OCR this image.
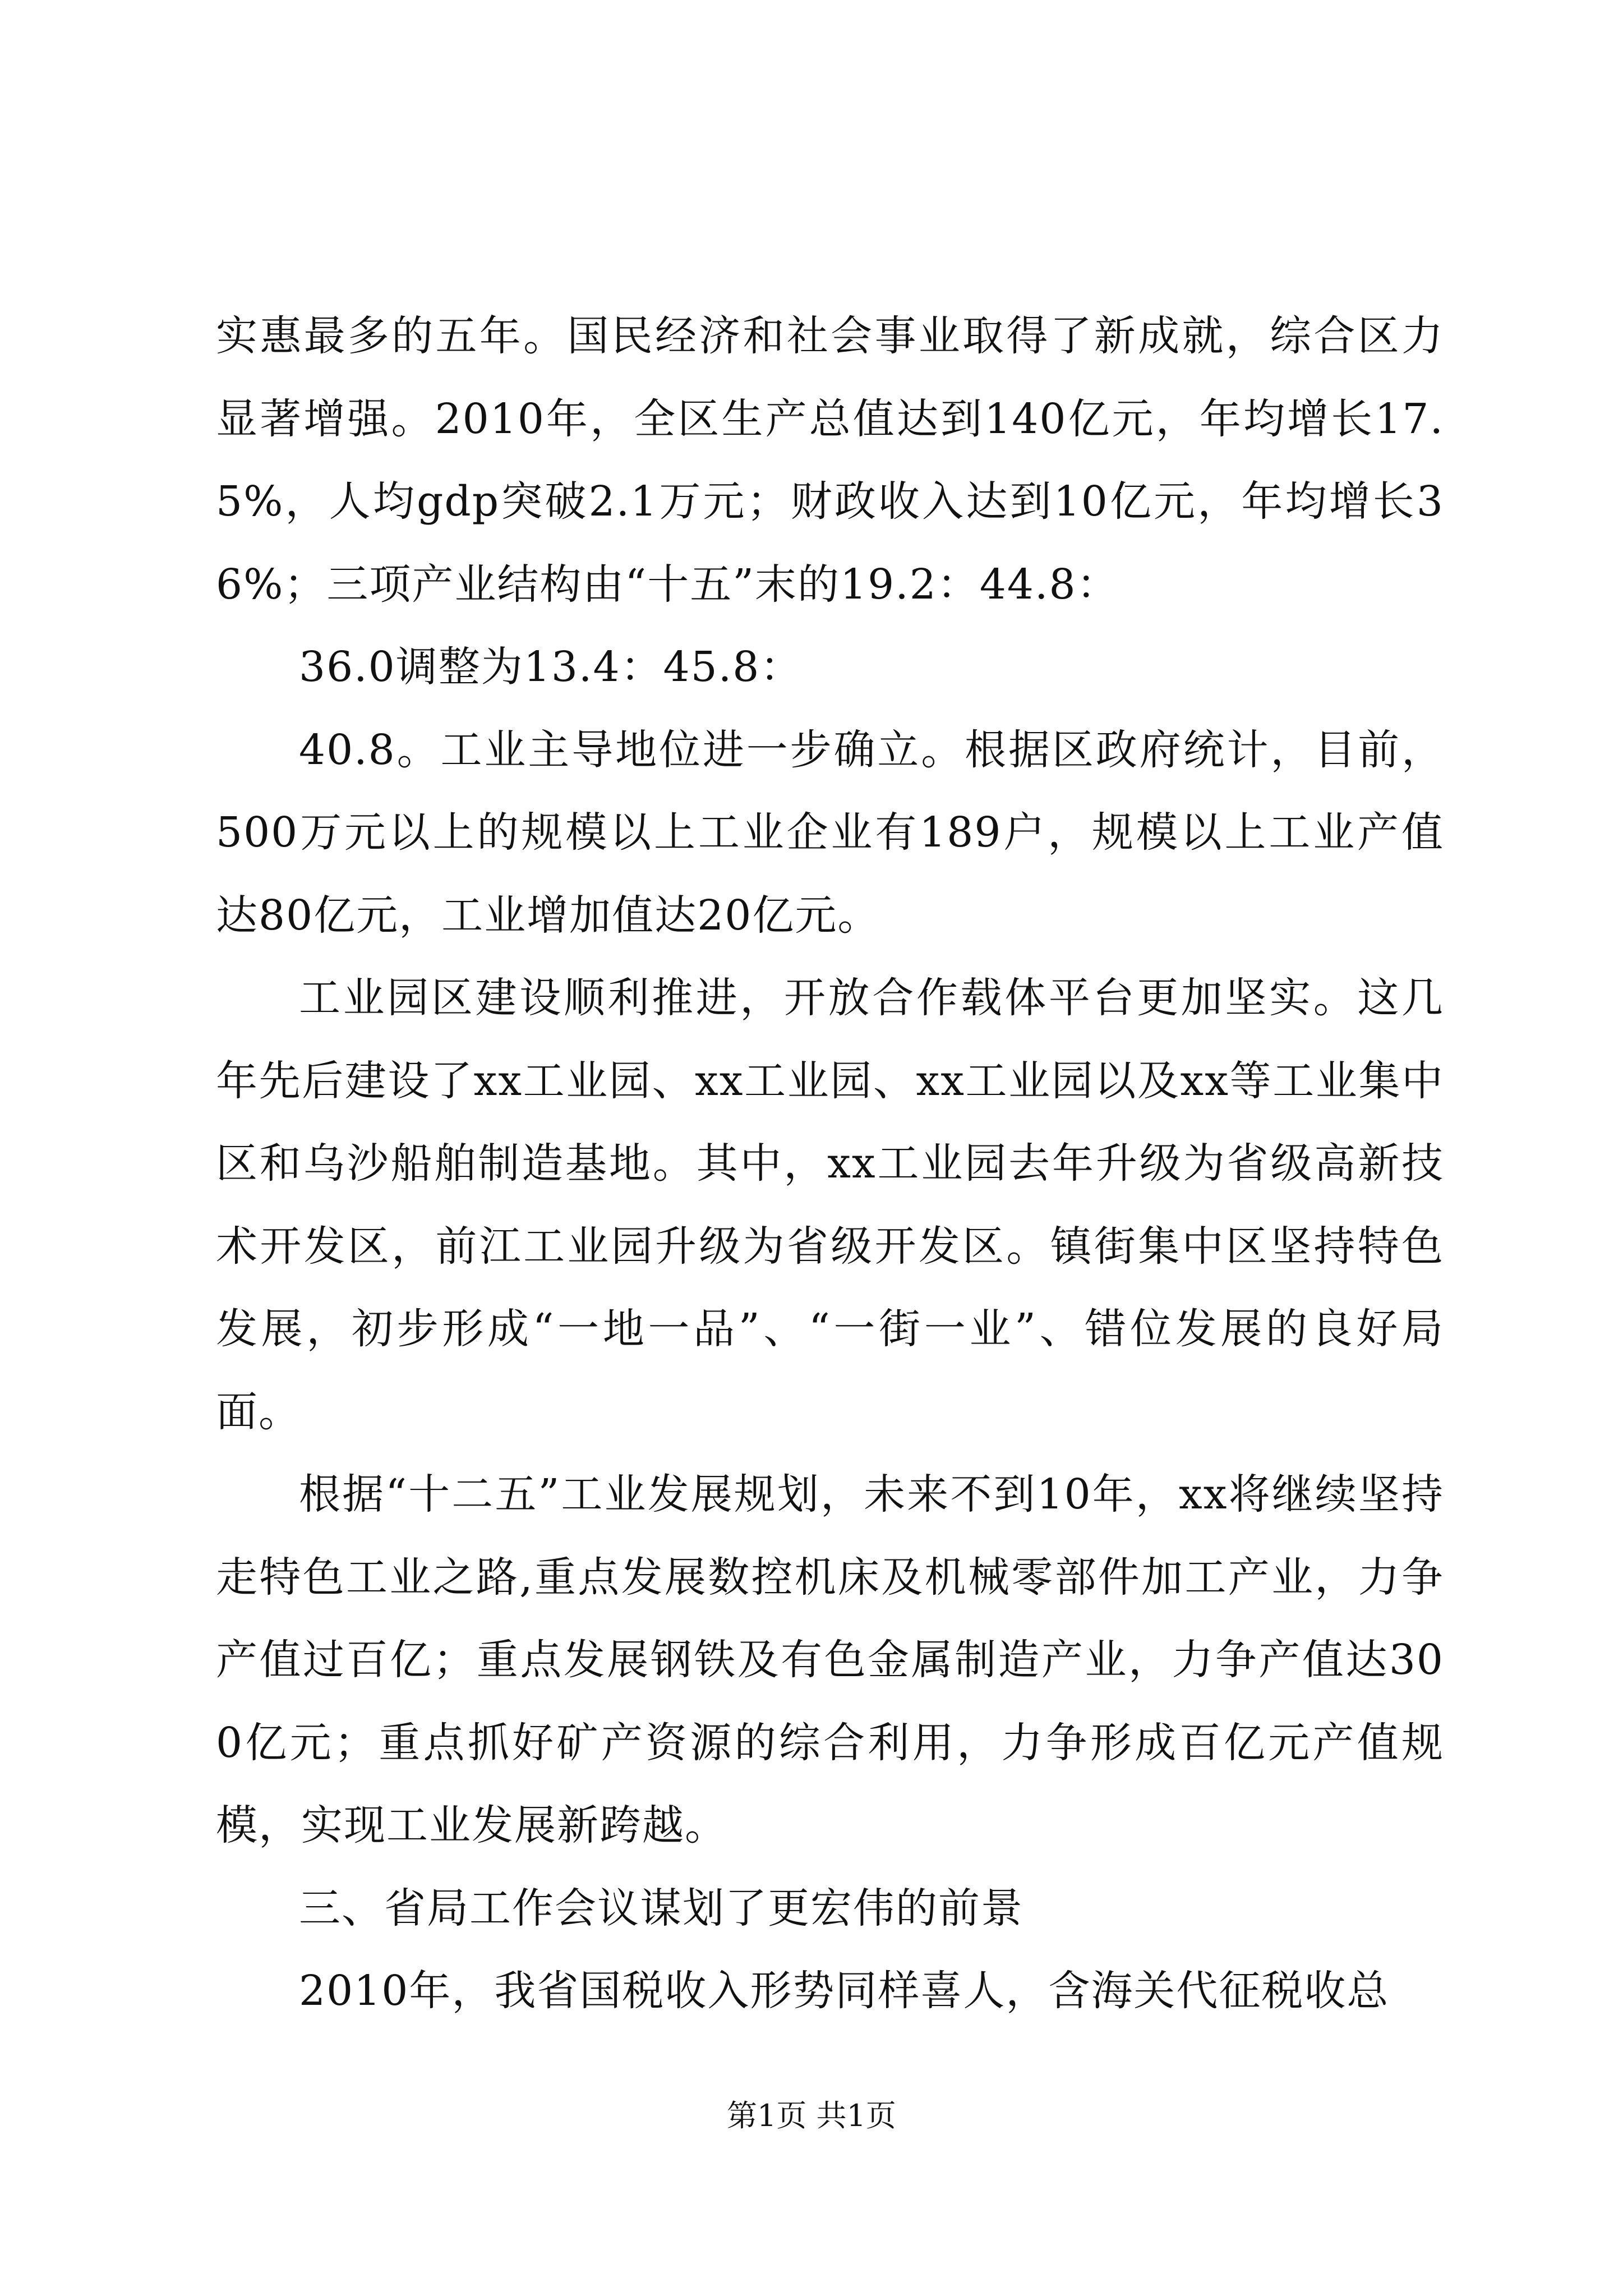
实惠最多的五年。国民经济和社会事业取得了新成就，综合区力显著增强。2010年，全区生产总值达到140亿元，年均增长17.5%，人均gdp突破2.1万元；财政收入达到10亿元，年均增长36%；三项产业结构由“十五”末的19.2：44.8：

36.0调整为13.4：45.8：

40.8。工业主导地位进一步确立。根据区政府统计，目前，500万元以上的规模以上工业企业有189户，规模以上工业产值达80亿元，工业增加值达20亿元。

工业园区建设顺利推进，开放合作载体平台更加坚实。这几年先后建设了xx工业园、xx工业园、xx工业园以及xx等工业集中区和乌沙船舶制造基地。其中，xx工业园去年升级为省级高新技术开发区，前江工业园升级为省级开发区。镇街集中区坚持特色发展，初步形成“一地一品”、“一街一业”、错位发展的良好局面。

根据“十二五”工业发展规划，未来不到10年，xx将继续坚持走特色工业之路,重点发展数控机床及机械零部件加工产业，力争产值过百亿；重点发展钢铁及有色金属制造产业，力争产值达300亿元；重点抓好矿产资源的综合利用，力争形成百亿元产值规模，实现工业发展新跨越。

三、省局工作会议谋划了更宏伟的前景

2010年，我省国税收入形势同样喜人，含海关代征税收总

第1页 共1页
